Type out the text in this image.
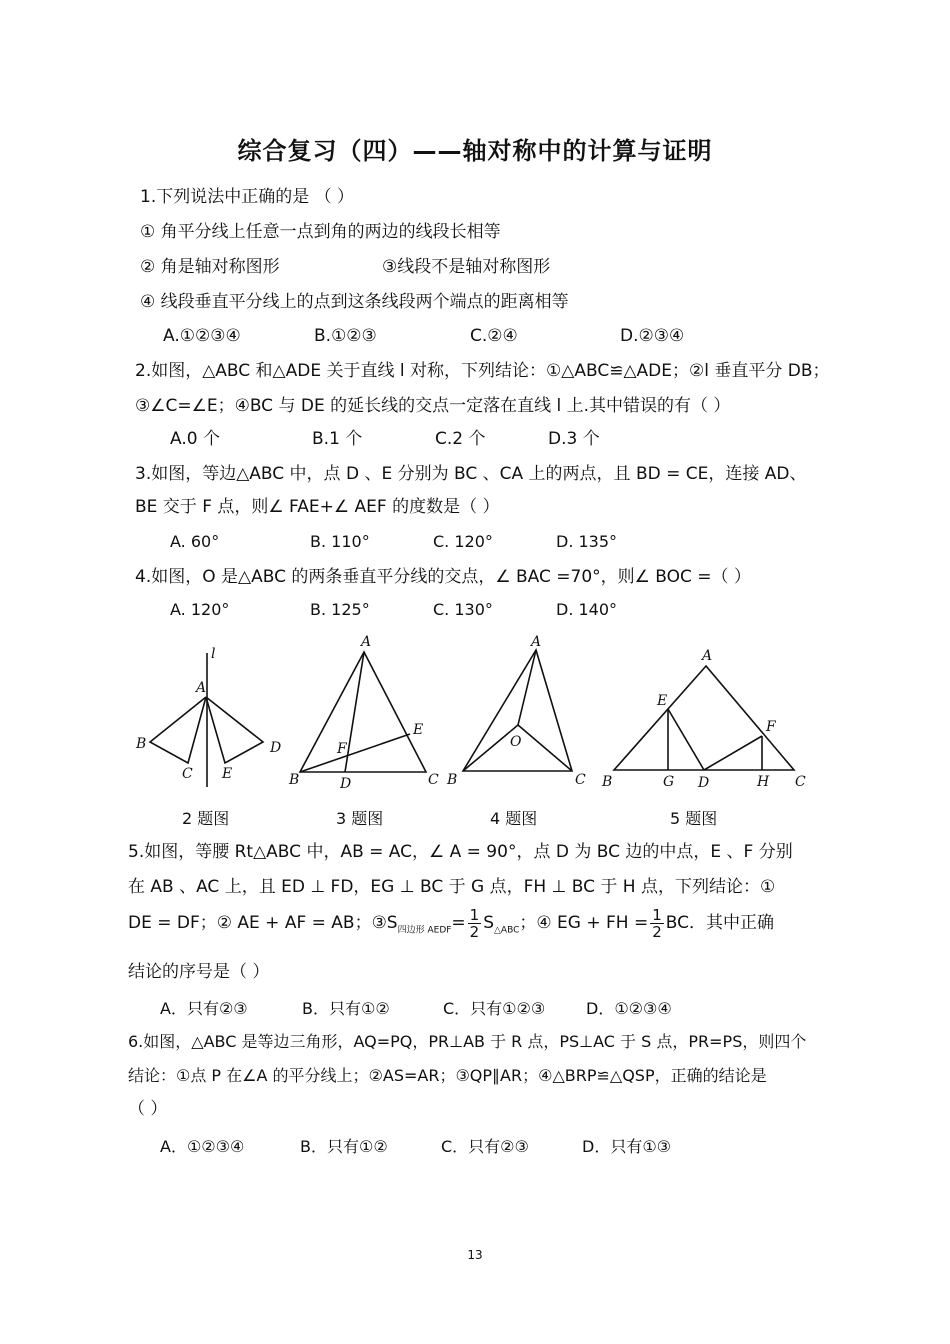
综合复习（四）——轴对称中的计算与证明
1.下列说法中正确的是 （ ）
① 角平分线上任意一点到角的两边的线段长相等
② 角是轴对称图形	③线段不是轴对称图形
④ 线段垂直平分线上的点到这条线段两个端点的距离相等
A.①②③④	B.①②③	C.②④	D.②③④
2.如图，△ABC 和△ADE 关于直线 l 对称，下列结论：①△ABC≌△ADE；②l 垂直平分 DB；
③∠C=∠E；④BC 与 DE 的延长线的交点一定落在直线 l 上.其中错误的有（ ）
A.0 个	B.1 个	C.2 个	D.3 个
3.如图，等边△ABC 中，点 D 、E 分别为 BC 、CA 上的两点，且 BD = CE，连接 AD、
BE 交于 F 点，则∠ FAE+∠ AEF 的度数是（ ）
A. 60°	B. 110°	C. 120°	D. 135°
4.如图，O 是△ABC 的两条垂直平分线的交点，∠ BAC =70°，则∠ BOC =（ ）
A. 120°	B. 125°	C. 130°	D. 140°
l
A
B
C E
D
A
E
F
B	D	C
A
O
B	C
A
E
F
B	G D	H C
2 题图	3 题图	4 题图	5 题图
5.如图，等腰 Rt△ABC 中，AB = AC，∠ A = 90°，点 D 为 BC 边的中点，E 、F 分别
在 AB 、AC 上，且 ED ⊥ FD，EG ⊥ BC 于 G 点，FH ⊥ BC 于 H 点，下列结论：①
DE = DF；② AE + AF = AB；$③S_{四边形 AEDF}= \frac{1}{2} S_{\triangle ABC}$；④ EG + FH = $\frac{1}{2}$ BC．其中正确
结论的序号是（ ）
A．只有②③	B．只有①②	C．只有①②③	D．①②③④
6.如图，△ABC 是等边三角形，AQ=PQ，PR⊥AB 于 R 点，PS⊥AC 于 S 点，PR=PS，则四个
结论：①点 P 在∠A 的平分线上；②AS=AR；③QP∥AR；④△BRP≌△QSP，正确的结论是
（ ）
A．①②③④	B．只有①②	C．只有②③	D．只有①③
13
